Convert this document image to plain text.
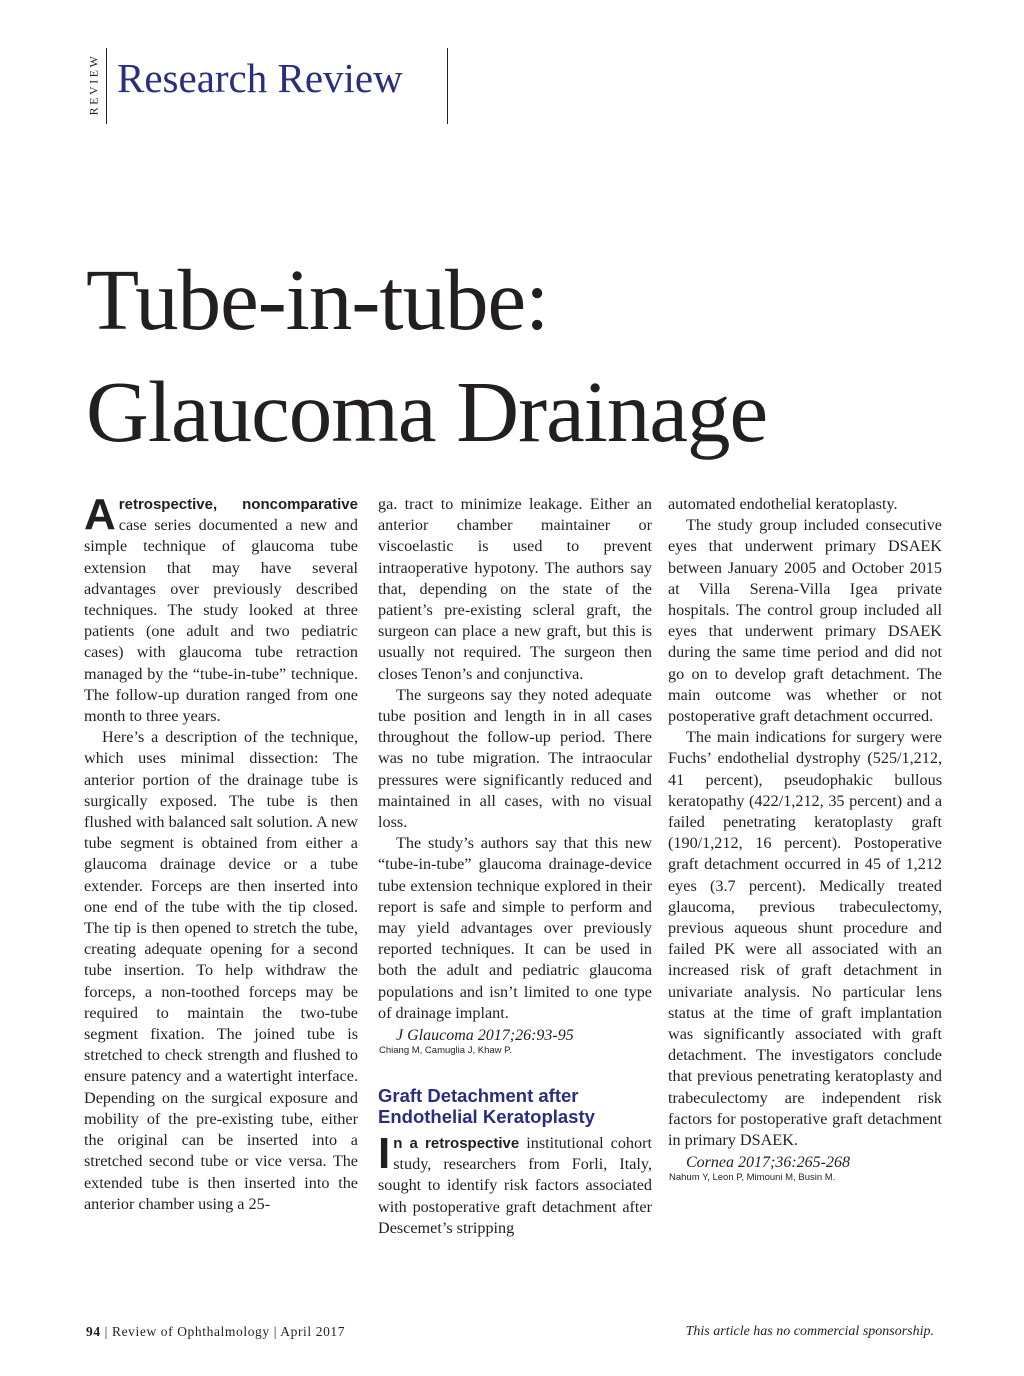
REVIEW Research Review
Tube-in-tube:
Glaucoma Drainage

Aretrospective, noncomparative case series documented a new and simple technique of glaucoma tube extension that may have several advantages over previously described techniques. The study looked at three patients (one adult and two pediatric cases) with glaucoma tube retraction managed by the “tube-in-tube” technique. The follow-up duration ranged from one month to three years.

Here’s a description of the technique, which uses minimal dissection: The anterior portion of the drainage tube is surgically exposed. The tube is then flushed with balanced salt solution. A new tube segment is obtained from either a glaucoma drainage device or a tube extender. Forceps are then inserted into one end of the tube with the tip closed. The tip is then opened to stretch the tube, creating adequate opening for a second tube insertion. To help withdraw the forceps, a non-toothed forceps may be required to maintain the two-tube segment fixation. The joined tube is stretched to check strength and flushed to ensure patency and a watertight interface. Depending on the surgical exposure and mobility of the pre-existing tube, either the original can be inserted into a stretched second tube or vice versa. The extended tube is then inserted into the anterior chamber using a 25-

ga. tract to minimize leakage. Either an anterior chamber maintainer or viscoelastic is used to prevent intraoperative hypotony. The authors say that, depending on the state of the patient’s pre-existing scleral graft, the surgeon can place a new graft, but this is usually not required. The surgeon then closes Tenon’s and conjunctiva.

The surgeons say they noted adequate tube position and length in in all cases throughout the follow-up period. There was no tube migration. The intraocular pressures were significantly reduced and maintained in all cases, with no visual loss.

The study’s authors say that this new “tube-in-tube” glaucoma drainage-device tube extension technique explored in their report is safe and simple to perform and may yield advantages over previously reported techniques. It can be used in both the adult and pediatric glaucoma populations and isn’t limited to one type of drainage implant.

J Glaucoma 2017;26:93-95
Chiang M, Camuglia J, Khaw P.
Graft Detachment after
Endothelial Keratoplasty

In a retrospective institutional cohort study, researchers from Forli, Italy, sought to identify risk factors associated with postoperative graft detachment after Descemet’s stripping

automated endothelial keratoplasty.

The study group included consecutive eyes that underwent primary DSAEK between January 2005 and October 2015 at Villa Serena-Villa Igea private hospitals. The control group included all eyes that underwent primary DSAEK during the same time period and did not go on to develop graft detachment. The main outcome was whether or not postoperative graft detachment occurred.

The main indications for surgery were Fuchs’ endothelial dystrophy (525/1,212, 41 percent), pseudophakic bullous keratopathy (422/1,212, 35 percent) and a failed penetrating keratoplasty graft (190/1,212, 16 percent). Postoperative graft detachment occurred in 45 of 1,212 eyes (3.7 percent). Medically treated glaucoma, previous trabeculectomy, previous aqueous shunt procedure and failed PK were all associated with an increased risk of graft detachment in univariate analysis. No particular lens status at the time of graft implantation was significantly associated with graft detachment. The investigators conclude that previous penetrating keratoplasty and trabeculectomy are independent risk factors for postoperative graft detachment in primary DSAEK.

Cornea 2017;36:265-268
Nahum Y, Leon P, Mimouni M, Busin M.
94 | Review of Ophthalmology | April 2017	This article has no commercial sponsorship.
